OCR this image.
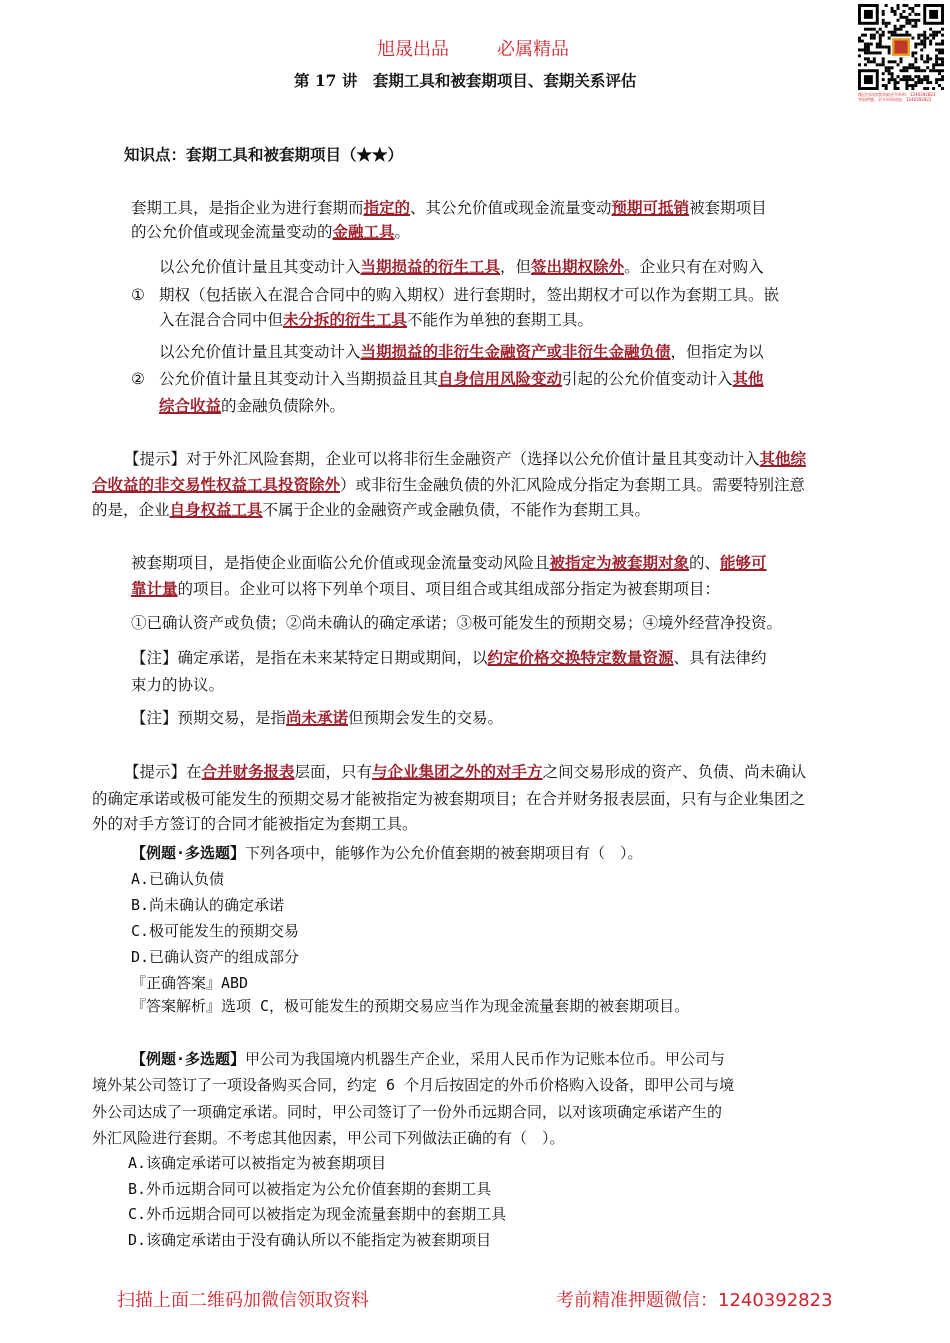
旭晟出品	必属精品
第 17 讲　套期工具和被套期项目、套期关系评估
微信扫码加我领取更多资料：1240392823
考前押题，更多资料请加：1240392823
知识点：套期工具和被套期项目（★★）
套期工具，是指企业为进行套期而指定的、其公允价值或现金流量变动预期可抵销被套期项目
的公允价值或现金流量变动的金融工具。
①
以公允价值计量且其变动计入当期损益的衍生工具，但签出期权除外。企业只有在对购入
期权（包括嵌入在混合合同中的购入期权）进行套期时，签出期权才可以作为套期工具。嵌
入在混合合同中但未分拆的衍生工具不能作为单独的套期工具。
②
以公允价值计量且其变动计入当期损益的非衍生金融资产或非衍生金融负债，但指定为以
公允价值计量且其变动计入当期损益且其自身信用风险变动引起的公允价值变动计入其他
综合收益的金融负债除外。
【提示】对于外汇风险套期，企业可以将非衍生金融资产（选择以公允价值计量且其变动计入其他综
合收益的非交易性权益工具投资除外）或非衍生金融负债的外汇风险成分指定为套期工具。需要特别注意
的是，企业自身权益工具不属于企业的金融资产或金融负债，不能作为套期工具。
被套期项目，是指使企业面临公允价值或现金流量变动风险且被指定为被套期对象的、能够可
靠计量的项目。企业可以将下列单个项目、项目组合或其组成部分指定为被套期项目：
①已确认资产或负债；②尚未确认的确定承诺；③极可能发生的预期交易；④境外经营净投资。
【注】确定承诺，是指在未来某特定日期或期间，以约定价格交换特定数量资源、具有法律约
束力的协议。
【注】预期交易，是指尚未承诺但预期会发生的交易。
【提示】在合并财务报表层面，只有与企业集团之外的对手方之间交易形成的资产、负债、尚未确认
的确定承诺或极可能发生的预期交易才能被指定为被套期项目；在合并财务报表层面，只有与企业集团之
外的对手方签订的合同才能被指定为套期工具。
【例题·多选题】下列各项中，能够作为公允价值套期的被套期项目有（　）。
A.已确认负债
B.尚未确认的确定承诺
C.极可能发生的预期交易
D.已确认资产的组成部分
『正确答案』ABD
『答案解析』选项 C，极可能发生的预期交易应当作为现金流量套期的被套期项目。
【例题·多选题】甲公司为我国境内机器生产企业，采用人民币作为记账本位币。甲公司与
境外某公司签订了一项设备购买合同，约定 6 个月后按固定的外币价格购入设备，即甲公司与境
外公司达成了一项确定承诺。同时，甲公司签订了一份外币远期合同，以对该项确定承诺产生的
外汇风险进行套期。不考虑其他因素，甲公司下列做法正确的有（　）。
A.该确定承诺可以被指定为被套期项目
B.外币远期合同可以被指定为公允价值套期的套期工具
C.外币远期合同可以被指定为现金流量套期中的套期工具
D.该确定承诺由于没有确认所以不能指定为被套期项目
扫描上面二维码加微信领取资料	考前精准押题微信：1240392823
